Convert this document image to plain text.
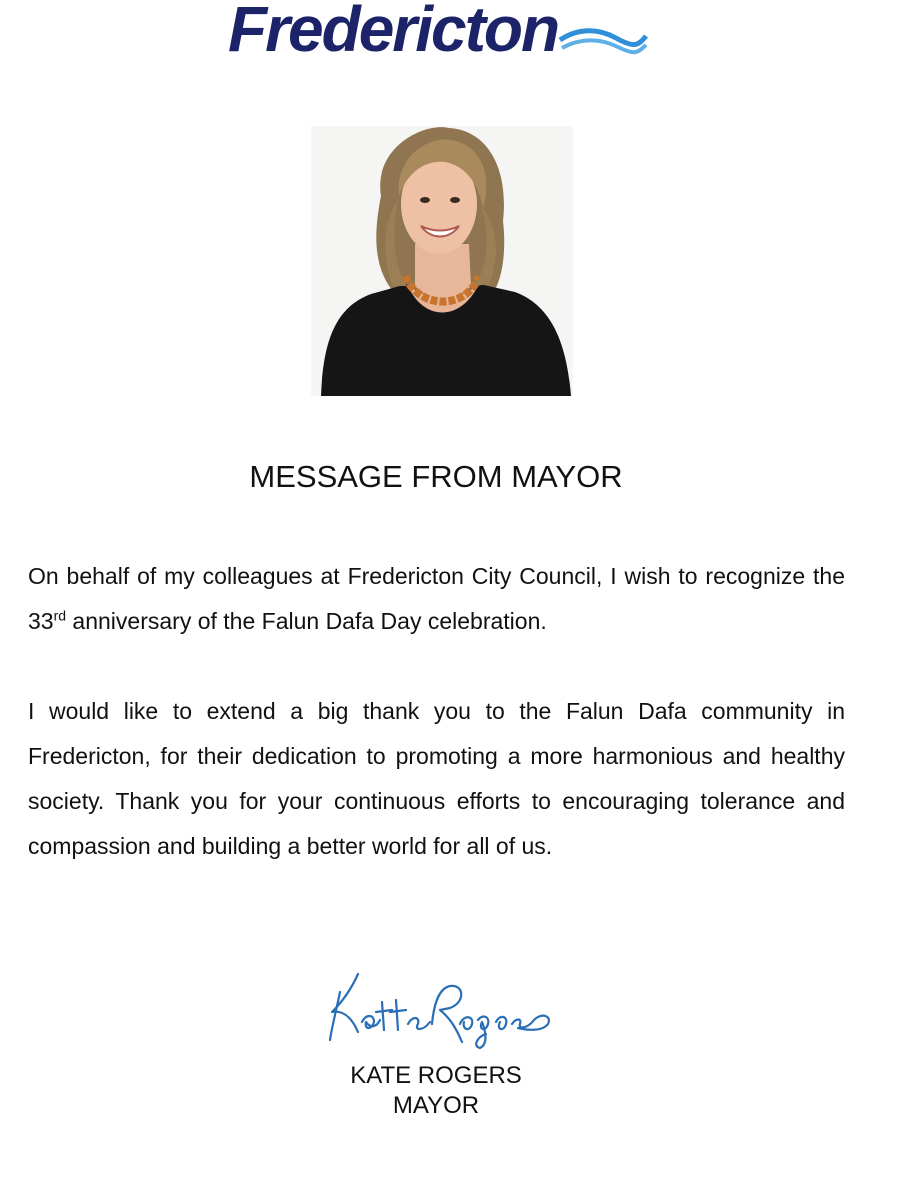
Fredericton
MESSAGE FROM MAYOR

On behalf of my colleagues at Fredericton City Council, I wish to recognize the 33rd anniversary of the Falun Dafa Day celebration.

I would like to extend a big thank you to the Falun Dafa community in Fredericton, for their dedication to promoting a more harmonious and healthy society. Thank you for your continuous efforts to encouraging tolerance and compassion and building a better world for all of us.

KATE ROGERS
MAYOR
